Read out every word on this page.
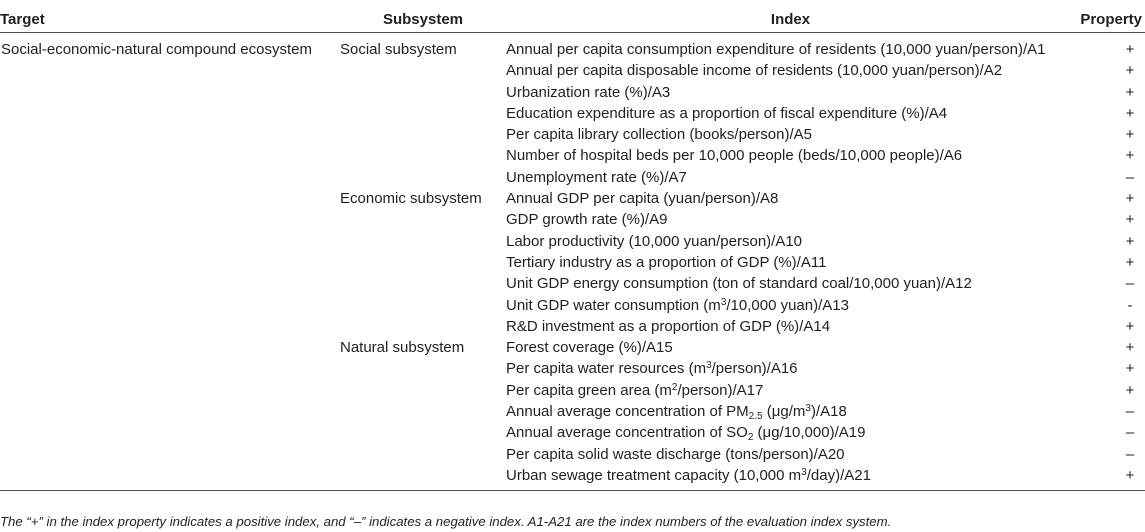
Target	Subsystem	Index	Property
Social-economic-natural compound ecosystem	Social subsystem	Annual per capita consumption expenditure of residents (10,000 yuan/person)/A1	+
		Annual per capita disposable income of residents (10,000 yuan/person)/A2	+
		Urbanization rate (%)/A3	+
		Education expenditure as a proportion of fiscal expenditure (%)/A4	+
		Per capita library collection (books/person)/A5	+
		Number of hospital beds per 10,000 people (beds/10,000 people)/A6	+
		Unemployment rate (%)/A7	–
	Economic subsystem	Annual GDP per capita (yuan/person)/A8	+
		GDP growth rate (%)/A9	+
		Labor productivity (10,000 yuan/person)/A10	+
		Tertiary industry as a proportion of GDP (%)/A11	+
		Unit GDP energy consumption (ton of standard coal/10,000 yuan)/A12	–
		Unit GDP water consumption ($m^3/10,000$ yuan)/A13	-
		R&D investment as a proportion of GDP (%)/A14	+
	Natural subsystem	Forest coverage (%)/A15	+
		Per capita water resources $(m^3/person)/A16$	+
		Per capita green area $(m^2/person)/A17$	+
		Annual average concentration of $PM_{2.5}$ $(\mu g/m^3)/A18$	–
		Annual average concentration of $SO_2$ (μg/10,000)/A19	–
		Per capita solid waste discharge (tons/person)/A20	–
		Urban sewage treatment capacity (10,000 $m^3/day)/A21$	+
The “+” in the index property indicates a positive index, and “–” indicates a negative index. A1-A21 are the index numbers of the evaluation index system.
